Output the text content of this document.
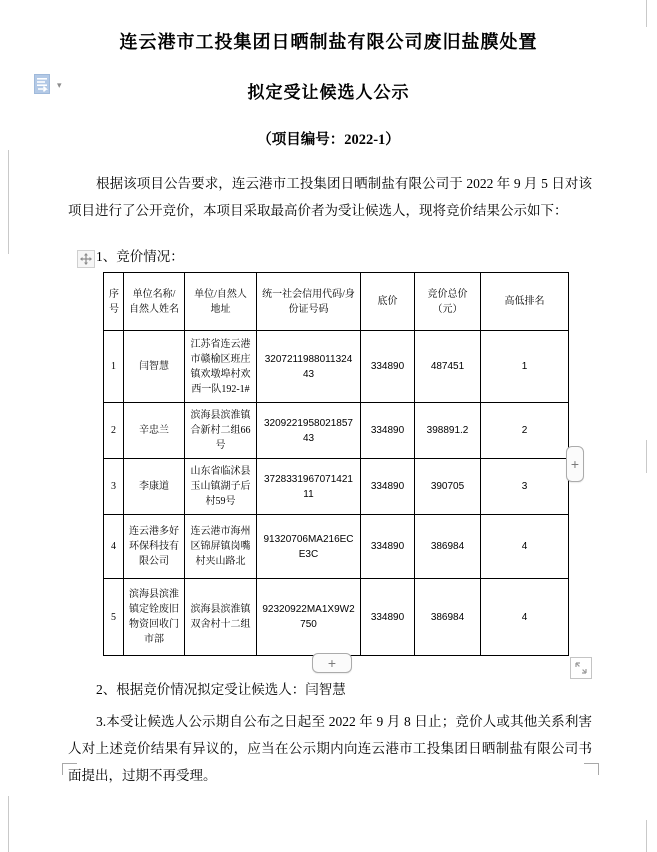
连云港市工投集团日晒制盐有限公司废旧盐膜处置
拟定受让候选人公示
（项目编号：2022-1）
根据该项目公告要求，连云港市工投集团日晒制盐有限公司于 2022 年 9 月 5 日对该项目进行了公开竞价，本项目采取最高价者为受让候选人，现将竞价结果公示如下：
1、竞价情况：
序号	单位名称/自然人姓名	单位/自然人地址	统一社会信用代码/身份证号码	底价	竞价总价（元）	高低排名
1	闫智慧	江苏省连云港市赣榆区班庄镇欢墩埠村欢西一队192-1#	320721198801132443	334890	487451	1
2	辛忠兰	滨海县滨淮镇合新村二组66号	320922195802185743	334890	398891.2	2
3	李康道	山东省临沭县玉山镇湖子后村59号	372833196707142111	334890	390705	3
4	连云港多好环保科技有限公司	连云港市海州区锦屏镇岗嘴村夹山路北	91320706MA216ECE3C	334890	386984	4
5	滨海县滨淮镇定铨废旧物资回收门市部	滨海县滨淮镇双舍村十二组	92320922MA1X9W2750	334890	386984	4
2、根据竞价情况拟定受让候选人：闫智慧
3.本受让候选人公示期自公布之日起至 2022 年 9 月 8 日止；竞价人或其他关系利害人对上述竞价结果有异议的，应当在公示期内向连云港市工投集团日晒制盐有限公司书面提出，过期不再受理。
▾
+
+
